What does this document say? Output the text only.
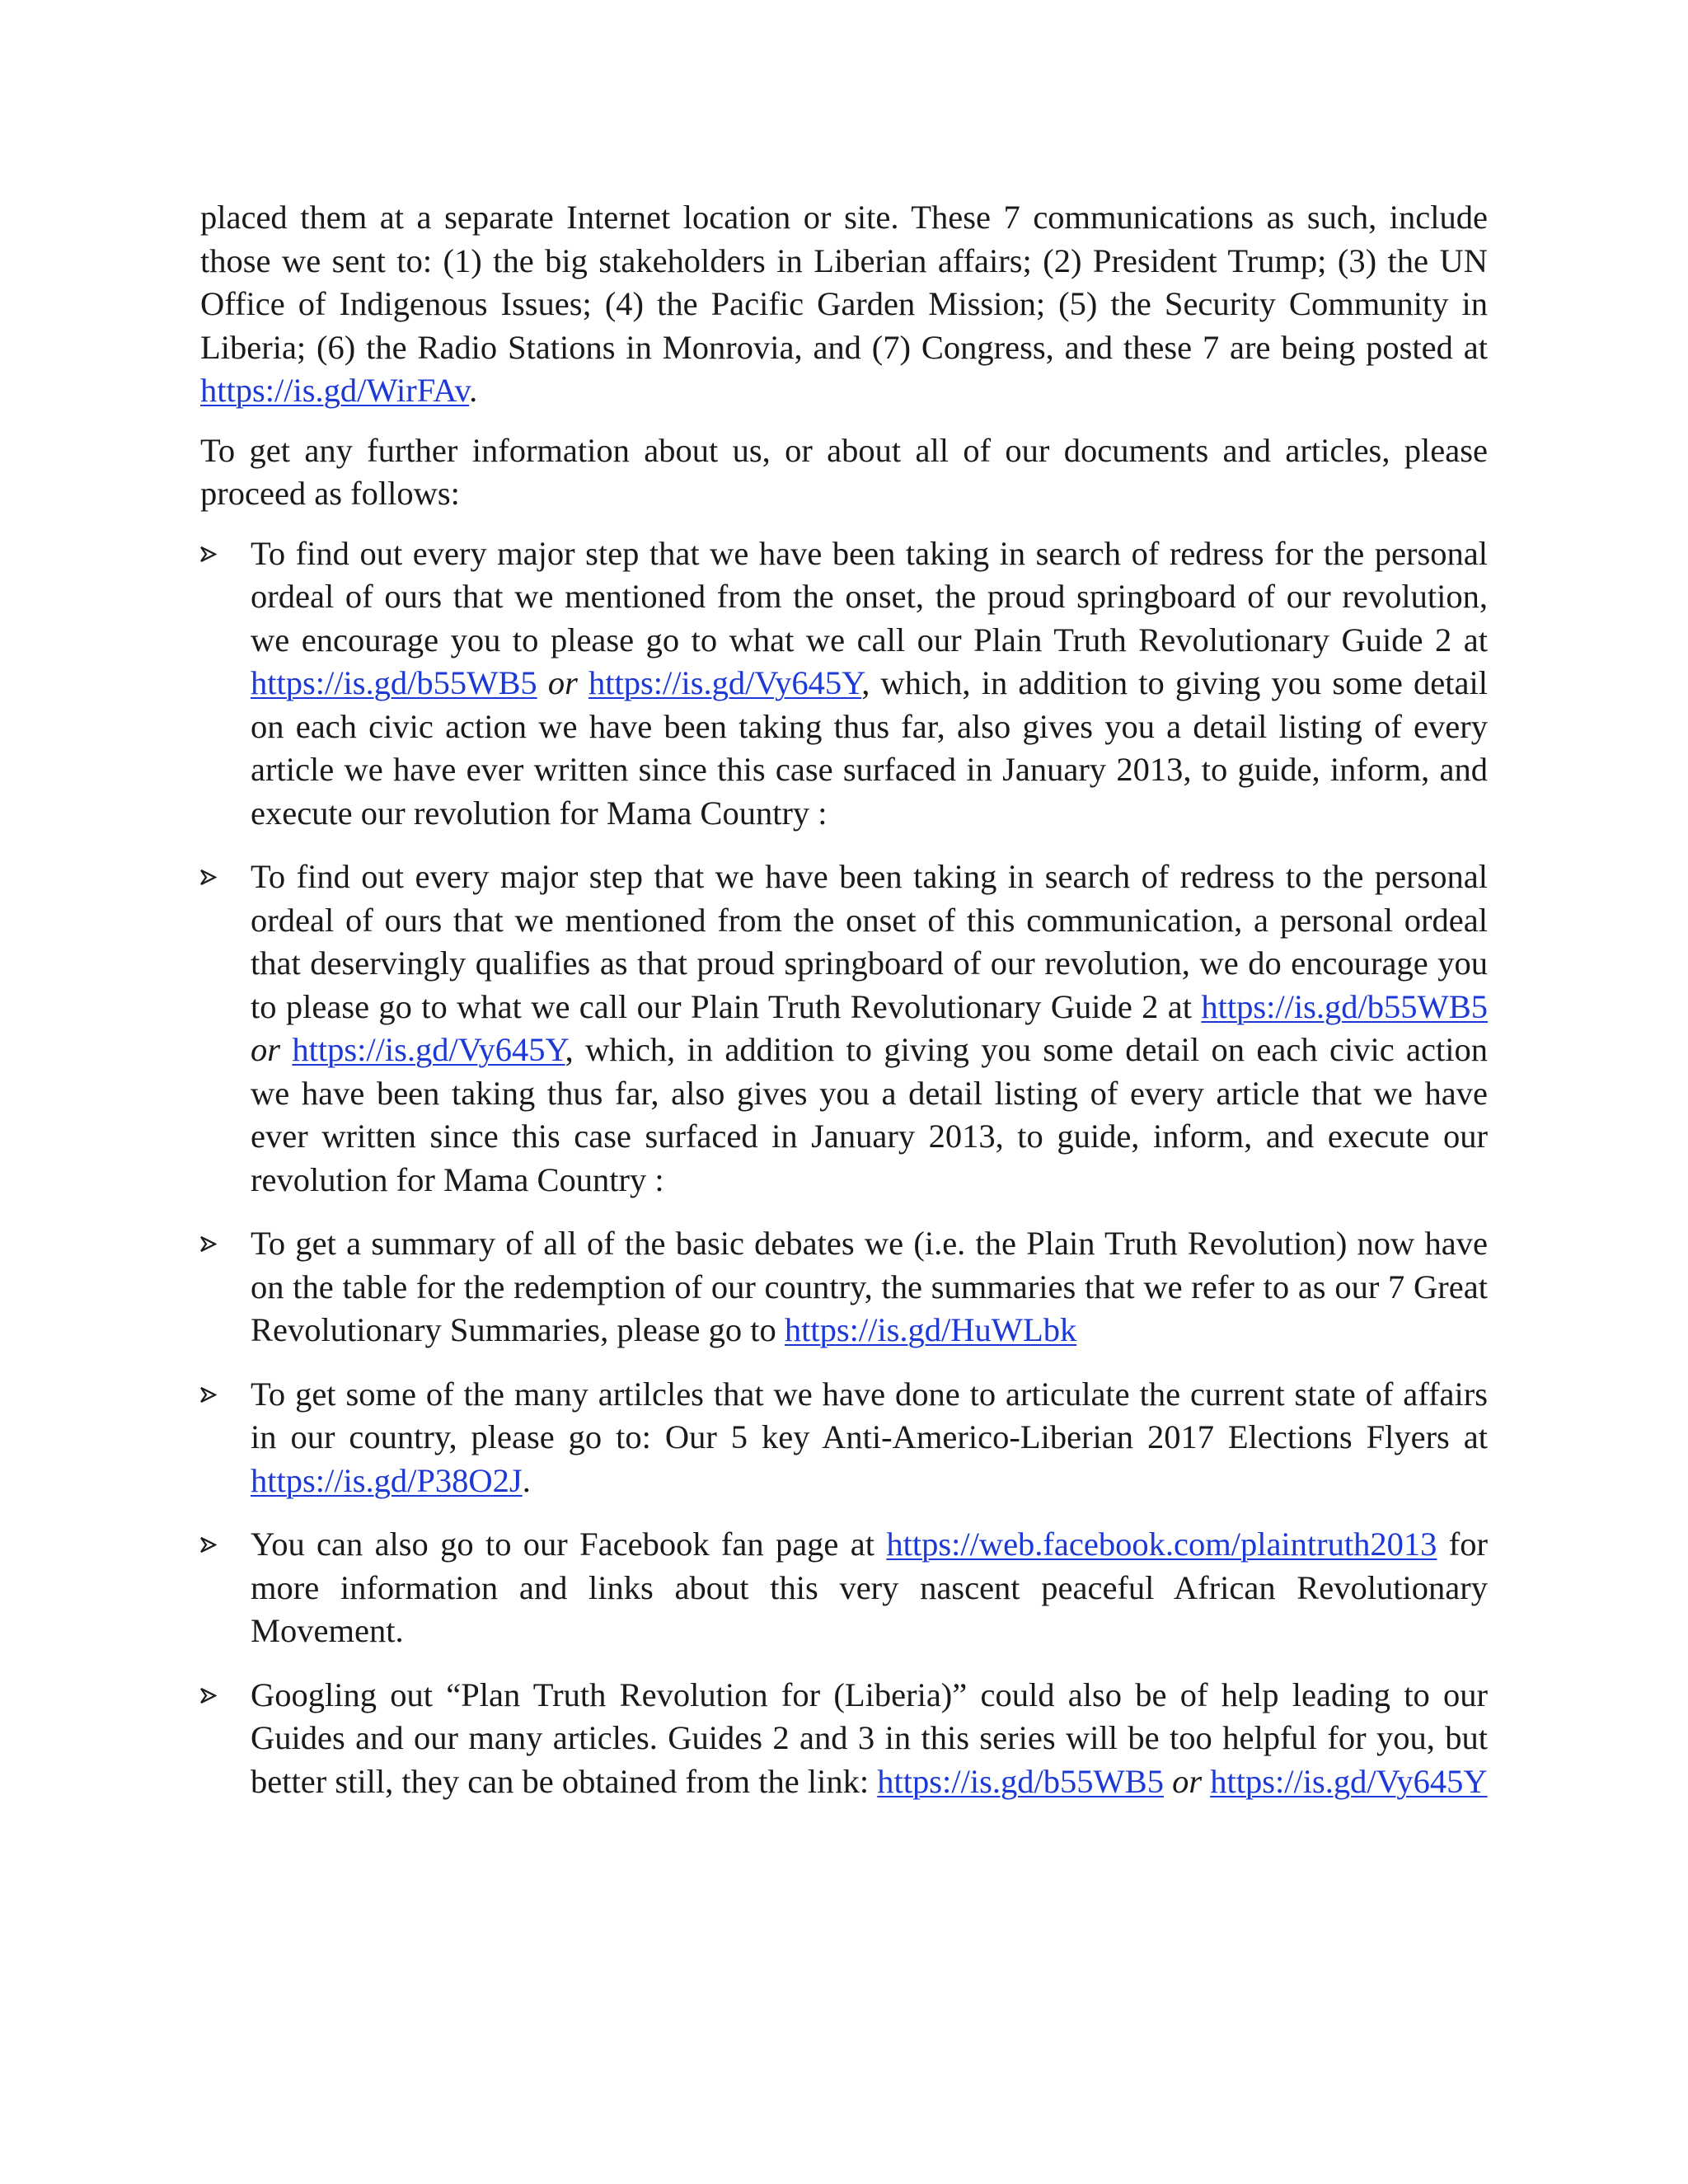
placed them at a separate Internet location or site. These 7 communications as such, include those we sent to: (1) the big stakeholders in Liberian affairs; (2) President Trump; (3) the UN Office of Indigenous Issues; (4) the Pacific Garden Mission; (5) the Security Community in Liberia; (6) the Radio Stations in Monrovia, and (7) Congress, and these 7 are being posted at https://is.gd/WirFAv.

To get any further information about us, or about all of our documents and articles, please proceed as follows:

To find out every major step that we have been taking in search of redress for the personal ordeal of ours that we mentioned from the onset, the proud springboard of our revolution, we encourage you to please go to what we call our Plain Truth Revolutionary Guide 2 at https://is.gd/b55WB5 or https://is.gd/Vy645Y, which, in addition to giving you some detail on each civic action we have been taking thus far, also gives you a detail listing of every article we have ever written since this case surfaced in January 2013, to guide, inform, and execute our revolution for Mama Country :
To find out every major step that we have been taking in search of redress to the personal ordeal of ours that we mentioned from the onset of this communication, a personal ordeal that deservingly qualifies as that proud springboard of our revolution, we do encourage you to please go to what we call our Plain Truth Revolutionary Guide 2 at https://is.gd/b55WB5 or https://is.gd/Vy645Y, which, in addition to giving you some detail on each civic action we have been taking thus far, also gives you a detail listing of every article that we have ever written since this case surfaced in January 2013, to guide, inform, and execute our revolution for Mama Country :
To get a summary of all of the basic debates we (i.e. the Plain Truth Revolution) now have on the table for the redemption of our country, the summaries that we refer to as our 7 Great Revolutionary Summaries, please go to https://is.gd/HuWLbk
To get some of the many artilcles that we have done to articulate the current state of affairs in our country, please go to: Our 5 key Anti-Americo-Liberian 2017 Elections Flyers at https://is.gd/P38O2J.
You can also go to our Facebook fan page at https://web.facebook.com/plaintruth2013 for more information and links about this very nascent peaceful African Revolutionary Movement.
Googling out “Plan Truth Revolution for (Liberia)” could also be of help leading to our Guides and our many articles. Guides 2 and 3 in this series will be too helpful for you, but better still, they can be obtained from the link: https://is.gd/b55WB5 or https://is.gd/Vy645Y
